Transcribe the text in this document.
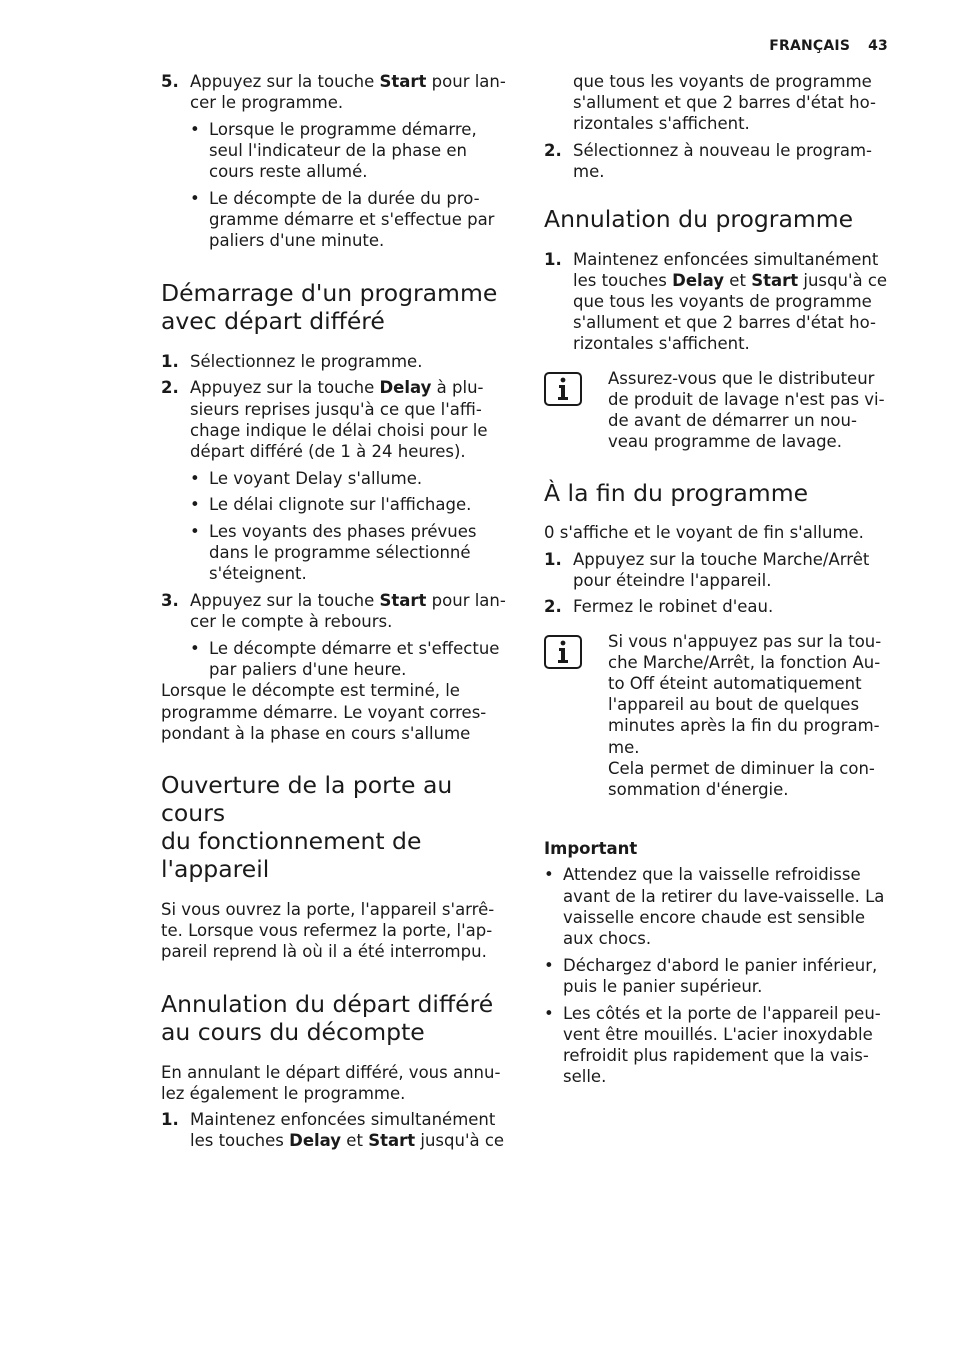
FRANÇAIS 43
5. Appuyez sur la touche Start pour lan-
cer le programme.
• Lorsque le programme démarre,
seul l'indicateur de la phase en
cours reste allumé.
• Le décompte de la durée du pro-
gramme démarre et s'effectue par
paliers d'une minute.
Démarrage d'un programme
avec départ différé
1. Sélectionnez le programme.
2. Appuyez sur la touche Delay à plu-
sieurs reprises jusqu'à ce que l'affi-
chage indique le délai choisi pour le
départ différé (de 1 à 24 heures).
• Le voyant Delay s'allume.
• Le délai clignote sur l'affichage.
• Les voyants des phases prévues
dans le programme sélectionné
s'éteignent.
3. Appuyez sur la touche Start pour lan-
cer le compte à rebours.
• Le décompte démarre et s'effectue
par paliers d'une heure.

Lorsque le décompte est terminé, le
programme démarre. Le voyant corres-
pondant à la phase en cours s'allume

Ouverture de la porte au cours
du fonctionnement de
l'appareil

Si vous ouvrez la porte, l'appareil s'arrê-
te. Lorsque vous refermez la porte, l'ap-
pareil reprend là où il a été interrompu.

Annulation du départ différé
au cours du décompte

En annulant le départ différé, vous annu-
lez également le programme.

1. Maintenez enfoncées simultanément
les touches Delay et Start jusqu'à ce
que tous les voyants de programme
s'allument et que 2 barres d'état ho-
rizontales s'affichent.
2. Sélectionnez à nouveau le program-
me.
Annulation du programme
1. Maintenez enfoncées simultanément
les touches Delay et Start jusqu'à ce
que tous les voyants de programme
s'allument et que 2 barres d'état ho-
rizontales s'affichent.
Assurez-vous que le distributeur
de produit de lavage n'est pas vi-
de avant de démarrer un nou-
veau programme de lavage.
À la fin du programme

0 s'affiche et le voyant de fin s'allume.

1. Appuyez sur la touche Marche/Arrêt
pour éteindre l'appareil.
2. Fermez le robinet d'eau.
Si vous n'appuyez pas sur la tou-
che Marche/Arrêt, la fonction Au-
to Off éteint automatiquement
l'appareil au bout de quelques
minutes après la fin du program-
me.
Cela permet de diminuer la con-
sommation d'énergie.

Important

• Attendez que la vaisselle refroidisse
avant de la retirer du lave-vaisselle. La
vaisselle encore chaude est sensible
aux chocs.
• Déchargez d'abord le panier inférieur,
puis le panier supérieur.
• Les côtés et la porte de l'appareil peu-
vent être mouillés. L'acier inoxydable
refroidit plus rapidement que la vais-
selle.
